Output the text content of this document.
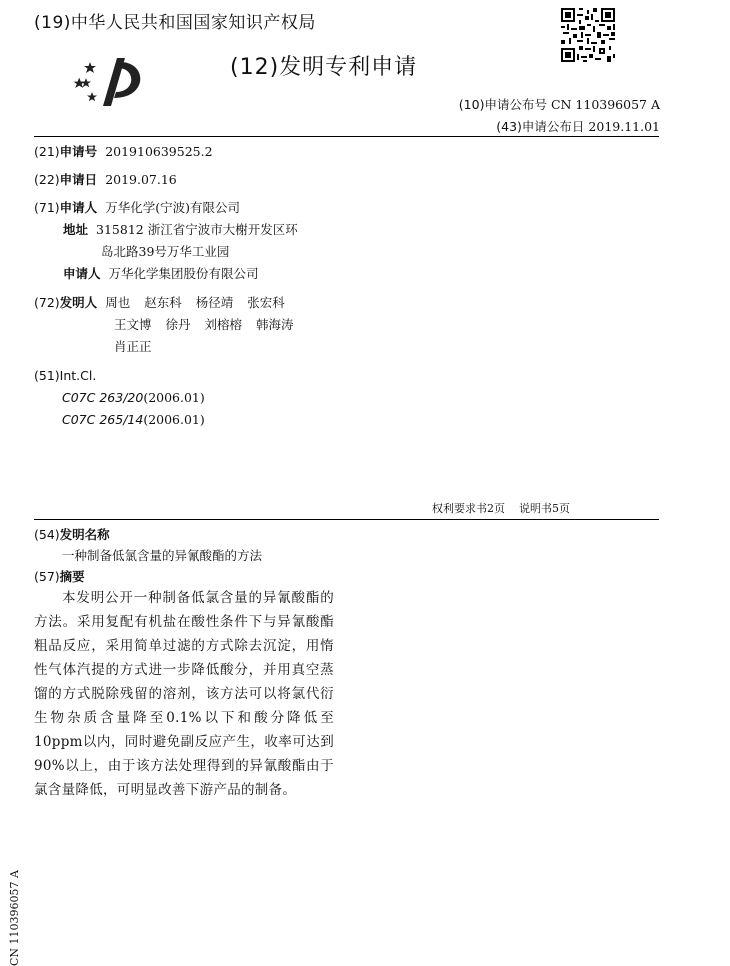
(19)中华人民共和国国家知识产权局
(12)发明专利申请
(10)申请公布号 CN 110396057 A
(43)申请公布日 2019.11.01
(21)申请号 201910639525.2
(22)申请日 2019.07.16
(71)申请人 万华化学(宁波)有限公司
地址 315812 浙江省宁波市大榭开发区环
岛北路39号万华工业园
申请人 万华化学集团股份有限公司
(72)发明人 周也 赵东科 杨径靖 张宏科
王文博 徐丹 刘榕榕 韩海涛
肖正正
(51)Int.Cl.
C07C 263/20(2006.01)
C07C 265/14(2006.01)
权利要求书2页 说明书5页
(54)发明名称
一种制备低氯含量的异氰酸酯的方法
(57)摘要
本发明公开一种制备低氯含量的异氰酸酯的方法。采用复配有机盐在酸性条件下与异氰酸酯粗品反应，采用简单过滤的方式除去沉淀，用惰性气体汽提的方式进一步降低酸分，并用真空蒸馏的方式脱除残留的溶剂，该方法可以将氯代衍生物杂质含量降至0.1%以下和酸分降低至10ppm以内，同时避免副反应产生，收率可达到90%以上，由于该方法处理得到的异氰酸酯由于氯含量降低，可明显改善下游产品的制备。
CN 110396057 A
